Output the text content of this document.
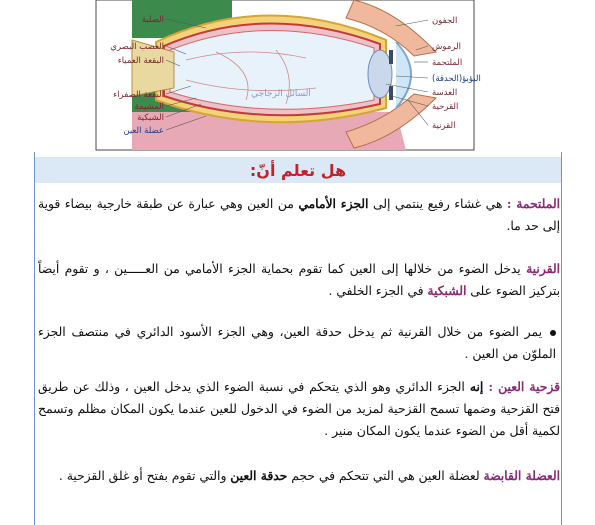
الصلبة
العصب البصري
البقعة العمياء
البقعة الصفراء
المشيمة
الشبكية
عضلة العين
السائل الزجاجي
الجفون
الرموش
الملتحمة
البؤبؤ(الحدقة)
العدسة
القرحية
القرنية
هل تعلم أنّ:
الملتحمة : هي غشاء رفيع ينتمي إلى الجزء الأمامي من العين وهي عبارة عن طبقة خارجية بيضاء قوية إلى حد ما.
القرنية يدخل الضوء من خلالها إلى العين كما تقوم بحماية الجزء الأمامي من العـــــين ، و تقوم أيضاً بتركيز الضوء على الشبكية في الجزء الخلفي .
يمر الضوء من خلال القرنية ثم يدخل حدقة العين، وهي الجزء الأسود الدائري في منتصف الجزء الملوّن من العين .
قزحية العين : إنه الجزء الدائري وهو الذي يتحكم في نسبة الضوء الذي يدخل العين ، وذلك عن طريق فتح القزحية وضمها تسمح القزحية لمزيد من الضوء في الدخول للعين عندما يكون المكان مظلم وتسمح لكمية أقل من الضوء عندما يكون المكان منير .
العضلة القابضة لعضلة العين هي التي تتحكم في حجم حدقة العين والتي تقوم بفتح أو غلق القزحية .
